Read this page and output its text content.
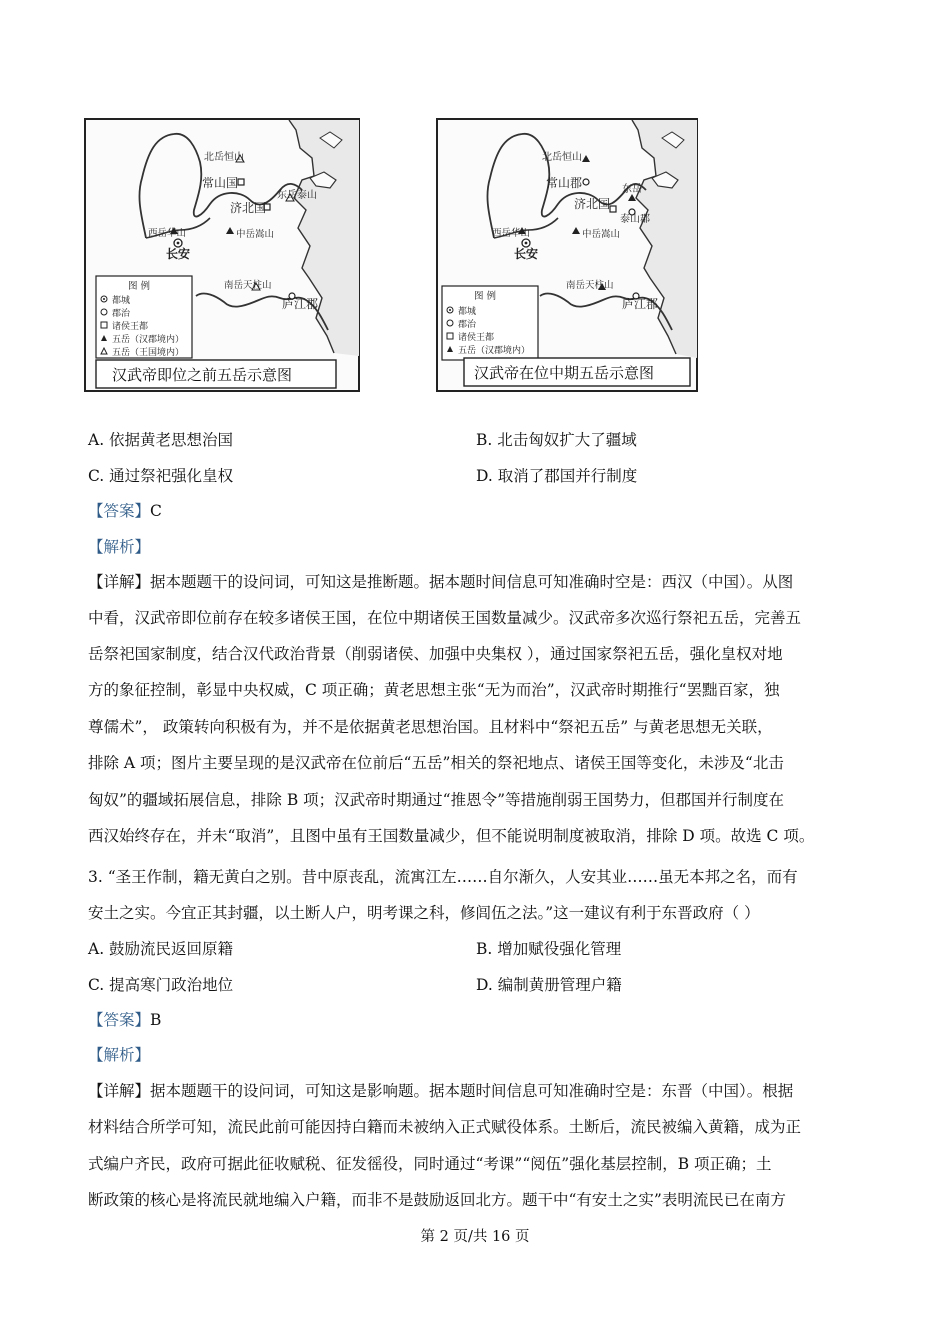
北岳恒山
常山国
东岳泰山
济北国
西岳华山	中岳嵩山
长安
南岳天柱山
庐江郡
图 例
都城
郡治
诸侯王都
五岳（汉郡境内）
五岳（王国境内）
汉武帝即位之前五岳示意图
北岳恒山
常山郡	东岳
济北国
泰山郡
西岳华山	中岳嵩山
长安
南岳天柱山
庐江郡
图 例
都城
郡治
诸侯王都
五岳（汉郡境内）
汉武帝在位中期五岳示意图
A. 依据黄老思想治国	B. 北击匈奴扩大了疆域
C. 通过祭祀强化皇权	D. 取消了郡国并行制度
【答案】C
【解析】
【详解】据本题题干的设问词，可知这是推断题。据本题时间信息可知准确时空是：西汉（中国）。从图
中看，汉武帝即位前存在较多诸侯王国，在位中期诸侯王国数量减少。汉武帝多次巡行祭祀五岳，完善五
岳祭祀国家制度，结合汉代政治背景（削弱诸侯、加强中央集权 ），通过国家祭祀五岳，强化皇权对地
方的象征控制，彰显中央权威，C 项正确；黄老思想主张“无为而治”，汉武帝时期推行“罢黜百家，独
尊儒术”， 政策转向积极有为，并不是依据黄老思想治国。且材料中“祭祀五岳” 与黄老思想无关联，
排除 A 项；图片主要呈现的是汉武帝在位前后“五岳”相关的祭祀地点、诸侯王国等变化，未涉及“北击
匈奴”的疆域拓展信息，排除 B 项；汉武帝时期通过“推恩令”等措施削弱王国势力，但郡国并行制度在
西汉始终存在，并未“取消”，且图中虽有王国数量减少，但不能说明制度被取消，排除 D 项。故选 C 项。
3. “圣王作制，籍无黄白之别。昔中原丧乱，流寓江左……自尔渐久，人安其业……虽无本邦之名，而有
安土之实。今宜正其封疆，以土断人户，明考课之科，修闾伍之法。”这一建议有利于东晋政府（ ）
A. 鼓励流民返回原籍	B. 增加赋役强化管理
C. 提高寒门政治地位	D. 编制黄册管理户籍
【答案】B
【解析】
【详解】据本题题干的设问词，可知这是影响题。据本题时间信息可知准确时空是：东晋（中国）。根据
材料结合所学可知，流民此前可能因持白籍而未被纳入正式赋役体系。土断后，流民被编入黄籍，成为正
式编户齐民，政府可据此征收赋税、征发徭役，同时通过“考课”“阅伍”强化基层控制，B 项正确；土
断政策的核心是将流民就地编入户籍，而非不是鼓励返回北方。题干中“有安土之实”表明流民已在南方
第 2 页/共 16 页
